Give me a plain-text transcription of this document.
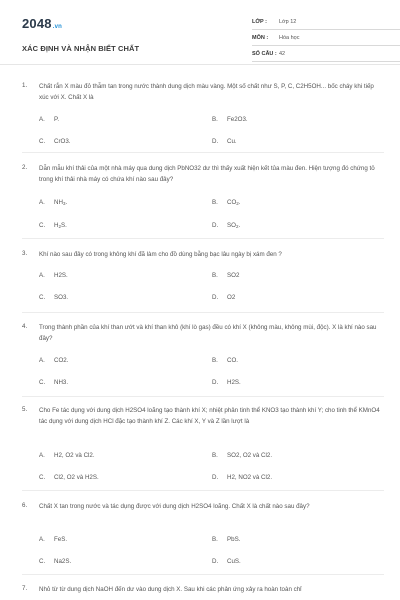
2048.vn
XÁC ĐỊNH VÀ NHẬN BIẾT CHẤT
LỚP : Lớp 12
MÔN : Hóa học
SỐ CÂU : 42
1. Chất rắn X màu đỏ thẫm tan trong nước thành dung dịch màu vàng. Một số chất như S, P, C, C2H5OH... bốc cháy khi tiếp xúc với X. Chất X là
A. P.	B. Fe2O3.
C. CrO3.	D. Cu.
2. Dẫn mẫu khí thải của một nhà máy qua dung dịch PbNO32 dư thì thấy xuất hiện kết tủa màu đen. Hiện tượng đó chứng tỏ trong khí thải nhà máy có chứa khí nào sau đây?
A. $NH_3$.	B. $CO_2$.
C. $H_2S$.	D. $SO_2$.
3. Khí nào sau đây có trong không khí đã làm cho đồ dùng bằng bạc lâu ngày bị xám đen ?
A. H2S.	B. SO2
C. SO3.	D. O2
4. Trong thành phần của khí than ướt và khí than khô (khí lò gas) đều có khí X (không màu, không mùi, độc). X là khí nào sau đây?
A. CO2.	B. CO.
C. NH3.	D. H2S.
5. Cho Fe tác dụng với dung dịch H2SO4 loãng tạo thành khí X; nhiệt phân tinh thể KNO3 tạo thành khí Y; cho tinh thể KMnO4 tác dụng với dung dịch HCl đặc tạo thành khí Z. Các khí X, Y và Z lần lượt là
A. H2, O2 và Cl2.	B. SO2, O2 và Cl2.
C. Cl2, O2 và H2S.	D. H2, NO2 và Cl2.
6. Chất X tan trong nước và tác dụng được với dung dịch H2SO4 loãng. Chất X là chất nào sau đây?
A. FeS.	B. PbS.
C. Na2S.	D. CuS.
7. Nhỏ từ từ dung dịch NaOH đến dư vào dung dịch X. Sau khi các phản ứng xảy ra hoàn toàn chỉ
